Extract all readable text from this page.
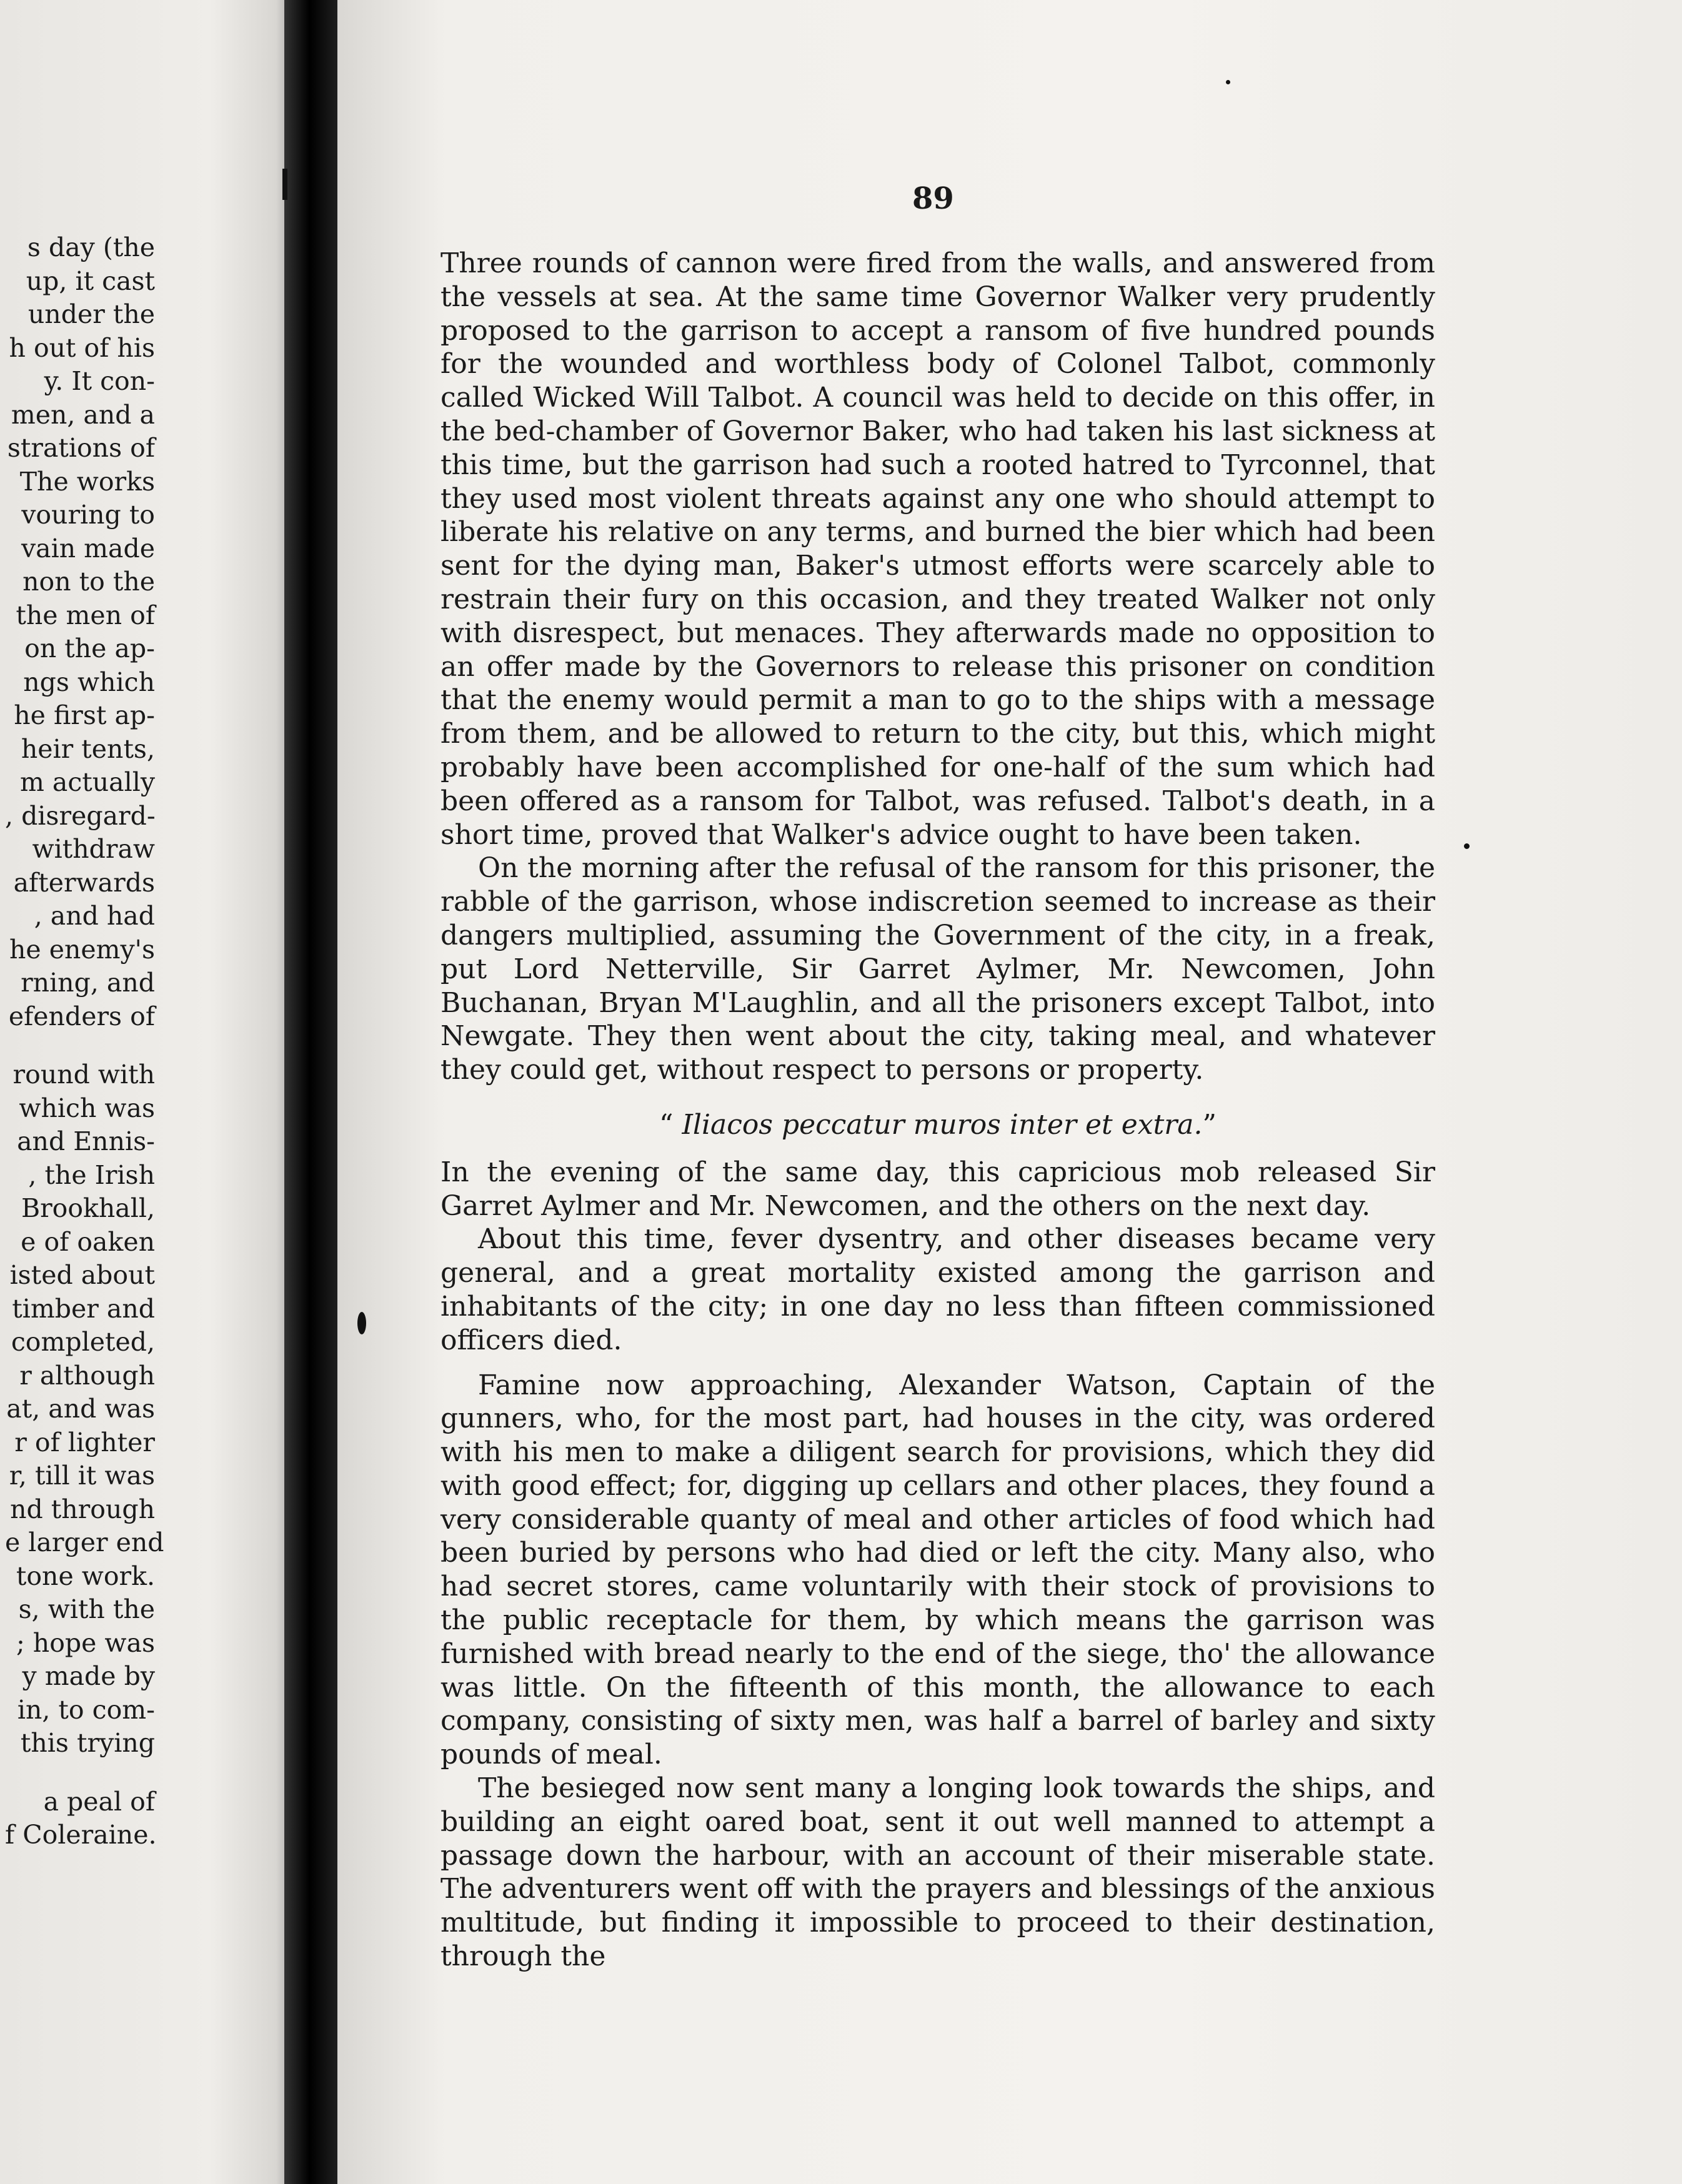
s day (the
up, it cast
under the
h out of his
y. It con-
men, and a
strations of
The works
vouring to
vain made
non to the
the men of
on the ap-
ngs which
he first ap-
heir tents,
m actually
, disregard-
withdraw
afterwards
, and had
he enemy's
rning, and
efenders of
round with
which was
and Ennis-
, the Irish
Brookhall,
e of oaken
isted about
timber and
completed,
r although
at, and was
r of lighter
r, till it was
nd through
e larger end
tone work.
s, with the
; hope was
y made by
in, to com-
this trying
a peal of
f Coleraine.
89

Three rounds of cannon were fired from the walls, and answered from the vessels at sea. At the same time Governor Walker very prudently proposed to the garrison to accept a ransom of five hundred pounds for the wounded and worthless body of Colonel Talbot, commonly called Wicked Will Talbot. A council was held to decide on this offer, in the bed-chamber of Governor Baker, who had taken his last sickness at this time, but the garrison had such a rooted hatred to Tyrconnel, that they used most violent threats against any one who should attempt to liberate his relative on any terms, and burned the bier which had been sent for the dying man, Baker's utmost efforts were scarcely able to restrain their fury on this occasion, and they treated Walker not only with disrespect, but menaces. They afterwards made no opposition to an offer made by the Governors to release this prisoner on condition that the enemy would permit a man to go to the ships with a message from them, and be allowed to return to the city, but this, which might probably have been accomplished for one-half of the sum which had been offered as a ransom for Talbot, was refused. Talbot's death, in a short time, proved that Walker's advice ought to have been taken.

On the morning after the refusal of the ransom for this prisoner, the rabble of the garrison, whose indiscretion seemed to increase as their dangers multiplied, assuming the Government of the city, in a freak, put Lord Netterville, Sir Garret Aylmer, Mr. Newcomen, John Buchanan, Bryan M'Laughlin, and all the prisoners except Talbot, into Newgate. They then went about the city, taking meal, and whatever they could get, without respect to persons or property.

“ Iliacos peccatur muros inter et extra.”

In the evening of the same day, this capricious mob released Sir Garret Aylmer and Mr. Newcomen, and the others on the next day.

About this time, fever dysentry, and other diseases became very general, and a great mortality existed among the garrison and inhabitants of the city; in one day no less than fifteen commissioned officers died.

Famine now approaching, Alexander Watson, Captain of the gunners, who, for the most part, had houses in the city, was ordered with his men to make a diligent search for provisions, which they did with good effect; for, digging up cellars and other places, they found a very considerable quanty of meal and other articles of food which had been buried by persons who had died or left the city. Many also, who had secret stores, came voluntarily with their stock of provisions to the public receptacle for them, by which means the garrison was furnished with bread nearly to the end of the siege, tho' the allowance was little. On the fifteenth of this month, the allowance to each company, consisting of sixty men, was half a barrel of barley and sixty pounds of meal.

The besieged now sent many a longing look towards the ships, and building an eight oared boat, sent it out well manned to attempt a passage down the harbour, with an account of their miserable state. The adventurers went off with the prayers and blessings of the anxious multitude, but finding it impossible to proceed to their destination, through the
